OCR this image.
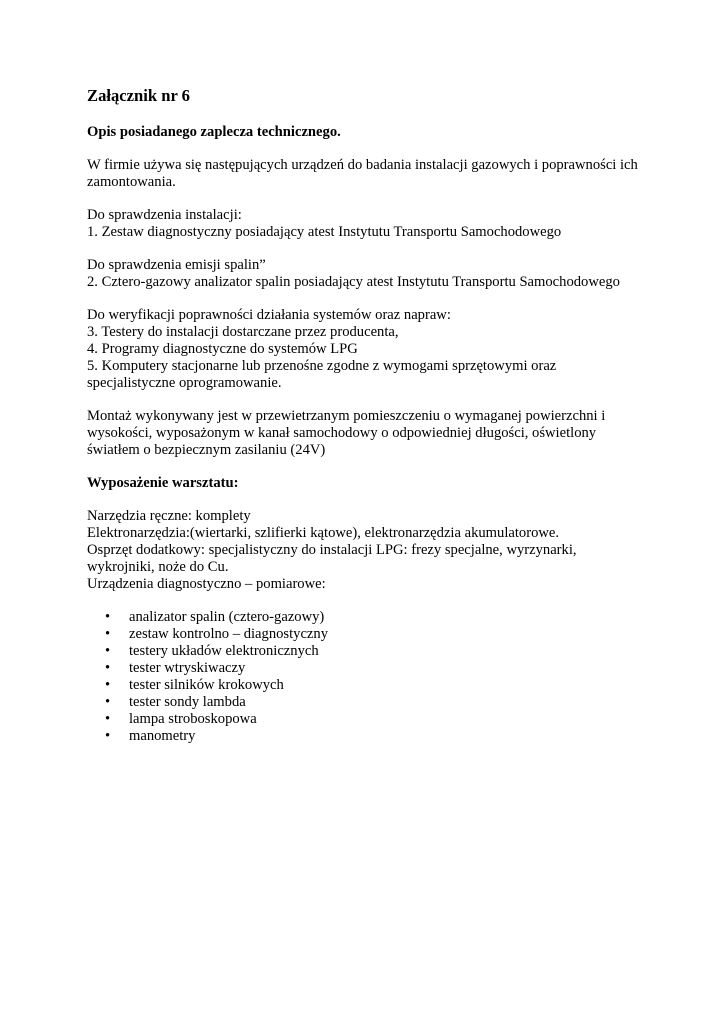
Załącznik nr 6

Opis posiadanego zaplecza technicznego.

W firmie używa się następujących urządzeń do badania instalacji gazowych i poprawności ich
zamontowania.
Do sprawdzenia instalacji:
1. Zestaw diagnostyczny posiadający atest Instytutu Transportu Samochodowego
Do sprawdzenia emisji spalin”
2. Cztero-gazowy analizator spalin posiadający atest Instytutu Transportu Samochodowego
Do weryfikacji poprawności działania systemów oraz napraw:
3. Testery do instalacji dostarczane przez producenta,
4. Programy diagnostyczne do systemów LPG
5. Komputery stacjonarne lub przenośne zgodne z wymogami sprzętowymi oraz
specjalistyczne oprogramowanie.
Montaż wykonywany jest w przewietrzanym pomieszczeniu o wymaganej powierzchni i
wysokości, wyposażonym w kanał samochodowy o odpowiedniej długości, oświetlony
światłem o bezpiecznym zasilaniu (24V)

Wyposażenie warsztatu:

Narzędzia ręczne: komplety
Elektronarzędzia:(wiertarki, szlifierki kątowe), elektronarzędzia akumulatorowe.
Osprzęt dodatkowy: specjalistyczny do instalacji LPG: frezy specjalne, wyrzynarki,
wykrojniki, noże do Cu.
Urządzenia diagnostyczno – pomiarowe:
• analizator spalin (cztero-gazowy)
• zestaw kontrolno – diagnostyczny
• testery układów elektronicznych
• tester wtryskiwaczy
• tester silników krokowych
• tester sondy lambda
• lampa stroboskopowa
• manometry
